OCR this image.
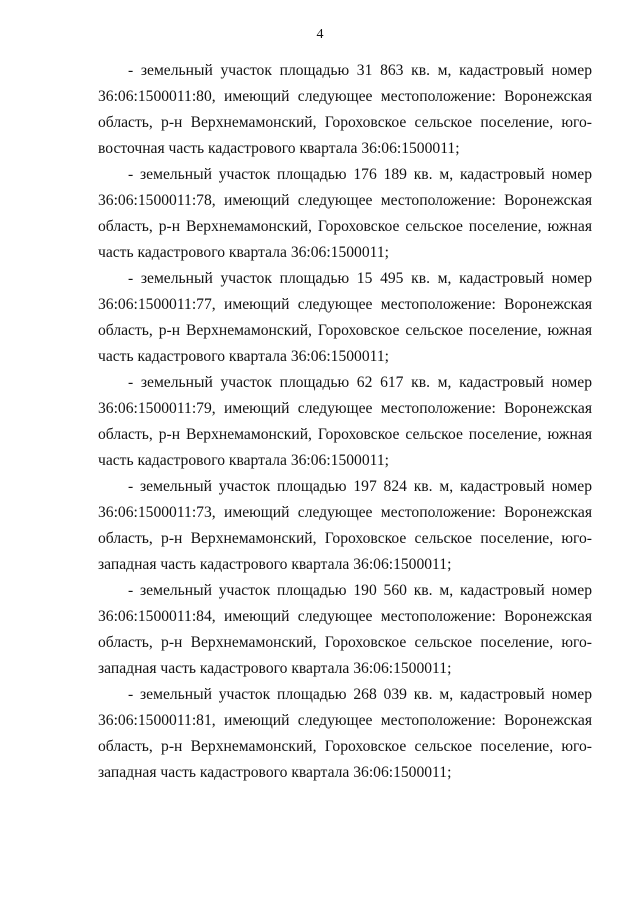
4

- земельный участок площадью 31 863 кв. м, кадастровый номер
36:06:1500011:80, имеющий следующее местоположение: Воронежская
область, р-н Верхнемамонский, Гороховское сельское поселение, юго-
восточная часть кадастрового квартала 36:06:1500011;

- земельный участок площадью 176 189 кв. м, кадастровый номер
36:06:1500011:78, имеющий следующее местоположение: Воронежская
область, р-н Верхнемамонский, Гороховское сельское поселение, южная
часть кадастрового квартала 36:06:1500011;

- земельный участок площадью 15 495 кв. м, кадастровый номер
36:06:1500011:77, имеющий следующее местоположение: Воронежская
область, р-н Верхнемамонский, Гороховское сельское поселение, южная
часть кадастрового квартала 36:06:1500011;

- земельный участок площадью 62 617 кв. м, кадастровый номер
36:06:1500011:79, имеющий следующее местоположение: Воронежская
область, р-н Верхнемамонский, Гороховское сельское поселение, южная
часть кадастрового квартала 36:06:1500011;

- земельный участок площадью 197 824 кв. м, кадастровый номер
36:06:1500011:73, имеющий следующее местоположение: Воронежская
область, р-н Верхнемамонский, Гороховское сельское поселение, юго-
западная часть кадастрового квартала 36:06:1500011;

- земельный участок площадью 190 560 кв. м, кадастровый номер
36:06:1500011:84, имеющий следующее местоположение: Воронежская
область, р-н Верхнемамонский, Гороховское сельское поселение, юго-
западная часть кадастрового квартала 36:06:1500011;

- земельный участок площадью 268 039 кв. м, кадастровый номер
36:06:1500011:81, имеющий следующее местоположение: Воронежская
область, р-н Верхнемамонский, Гороховское сельское поселение, юго-
западная часть кадастрового квартала 36:06:1500011;
